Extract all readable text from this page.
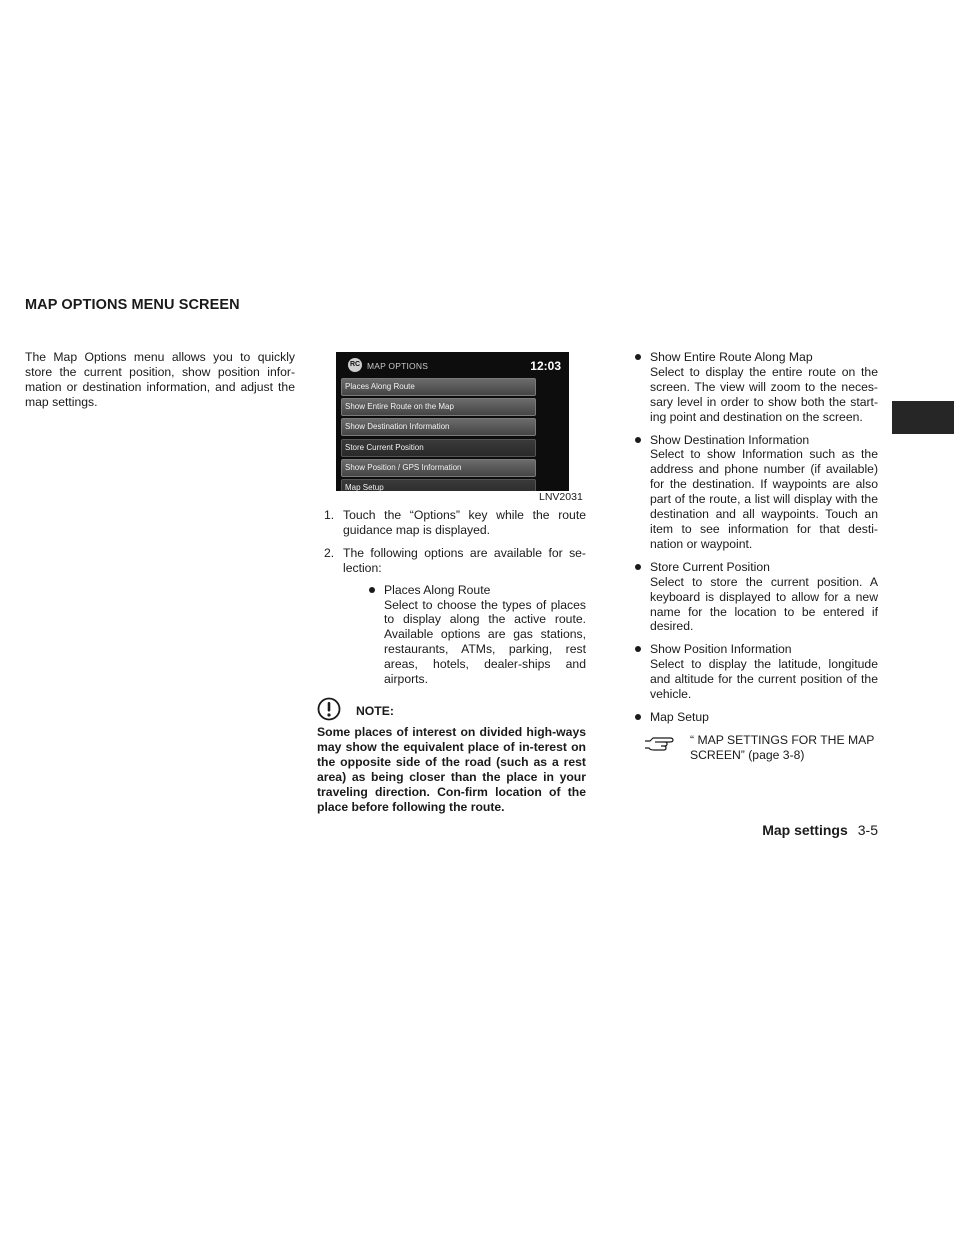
MAP OPTIONS MENU SCREEN
The Map Options menu allows you to quickly store the current position, show position infor-mation or destination information, and adjust the map settings.
RC MAP OPTIONS	12:03
Places Along Route
Show Entire Route on the Map
Show Destination Information
Store Current Position
Show Position / GPS Information
Map Setup
LNV2031
1. Touch the “Options” key while the route guidance map is displayed.

2. The following options are available for se-lection:

Places Along Route

Select to choose the types of places to display along the active route. Available options are gas stations, restaurants, ATMs, parking, rest areas, hotels, dealer-ships and airports.

NOTE:

Some places of interest on divided high-ways may show the equivalent place of in-terest on the opposite side of the road (such as a rest area) as being closer than the place in your traveling direction. Con-firm location of the place before following the route.

Show Entire Route Along Map

Select to display the entire route on the screen. The view will zoom to the neces-sary level in order to show both the start-ing point and destination on the screen.

Show Destination Information

Select to show Information such as the address and phone number (if available) for the destination. If waypoints are also part of the route, a list will display with the destination and all waypoints. Touch an item to see information for that desti-nation or waypoint.

Store Current Position

Select to store the current position. A keyboard is displayed to allow for a new name for the location to be entered if desired.

Show Position Information

Select to display the latitude, longitude and altitude for the current position of the vehicle.

Map Setup

“ MAP SETTINGS FOR THE MAP SCREEN” (page 3-8)

Map settings 3-5
